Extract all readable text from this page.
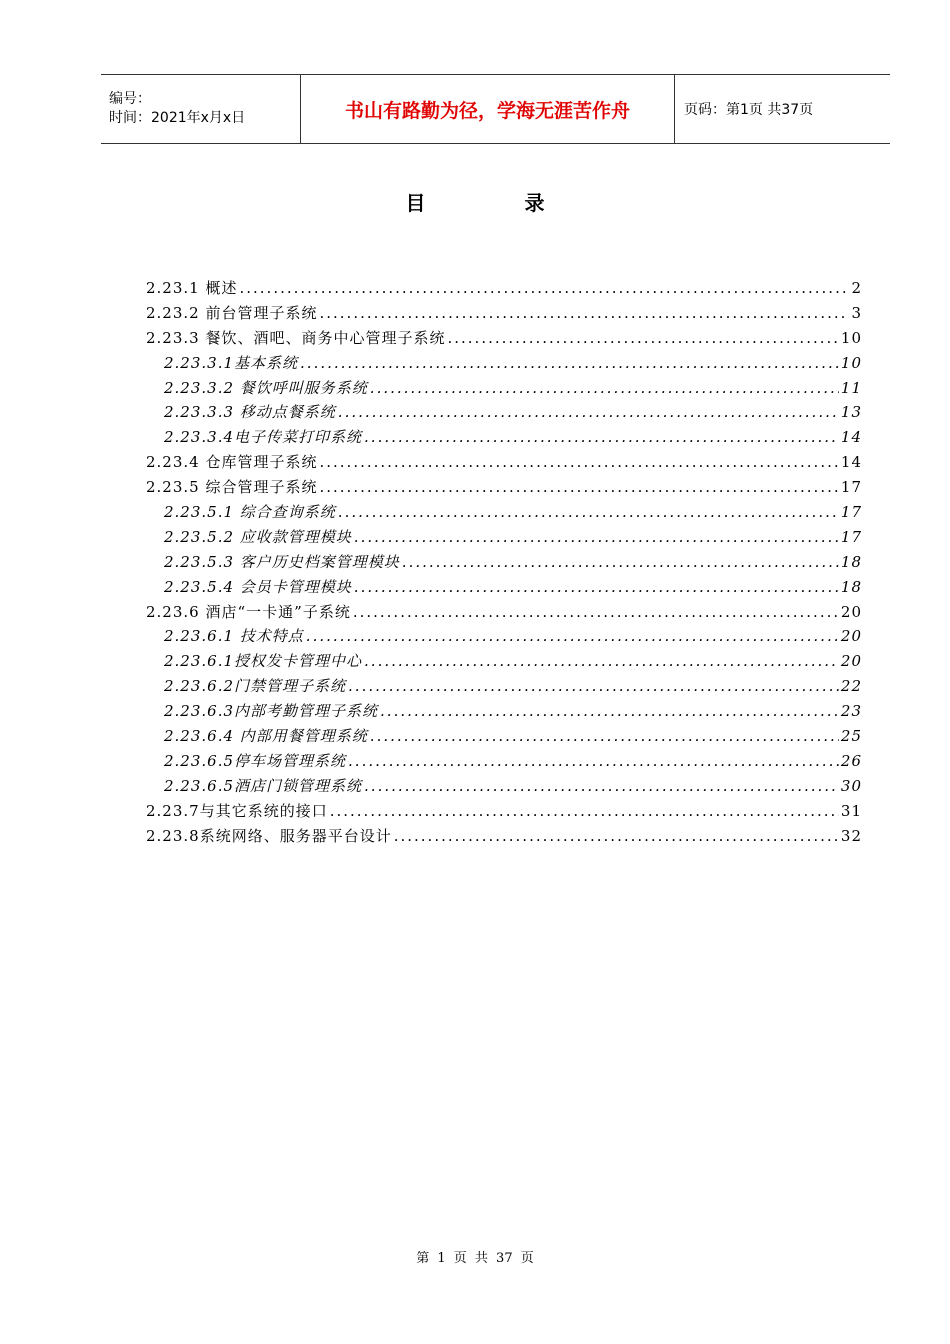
编号：
时间：2021年x月x日	书山有路勤为径，学海无涯苦作舟	页码：第1页 共37页
目 录
2.23.1 概述 .....	2
2.23.2 前台管理子系统 .....	3
2.23.3 餐饮、酒吧、商务中心管理子系统 .....	10
2.23.3.1基本系统 .....	10
2.23.3.2 餐饮呼叫服务系统 .....	11
2.23.3.3 移动点餐系统 .....	13
2.23.3.4电子传菜打印系统 .....	14
2.23.4 仓库管理子系统 .....	14
2.23.5 综合管理子系统 .....	17
2.23.5.1 综合查询系统 .....	17
2.23.5.2 应收款管理模块 .....	17
2.23.5.3 客户历史档案管理模块 .....	18
2.23.5.4 会员卡管理模块 .....	18
2.23.6 酒店“一卡通”子系统 .....	20
2.23.6.1 技术特点 .....	20
2.23.6.1授权发卡管理中心 .....	20
2.23.6.2门禁管理子系统 .....	22
2.23.6.3内部考勤管理子系统 .....	23
2.23.6.4 内部用餐管理系统 .....	25
2.23.6.5停车场管理系统 .....	26
2.23.6.5酒店门锁管理系统 .....	30
2.23.7与其它系统的接口 .....	31
2.23.8系统网络、服务器平台设计 .....	32
第 1 页 共 37 页
